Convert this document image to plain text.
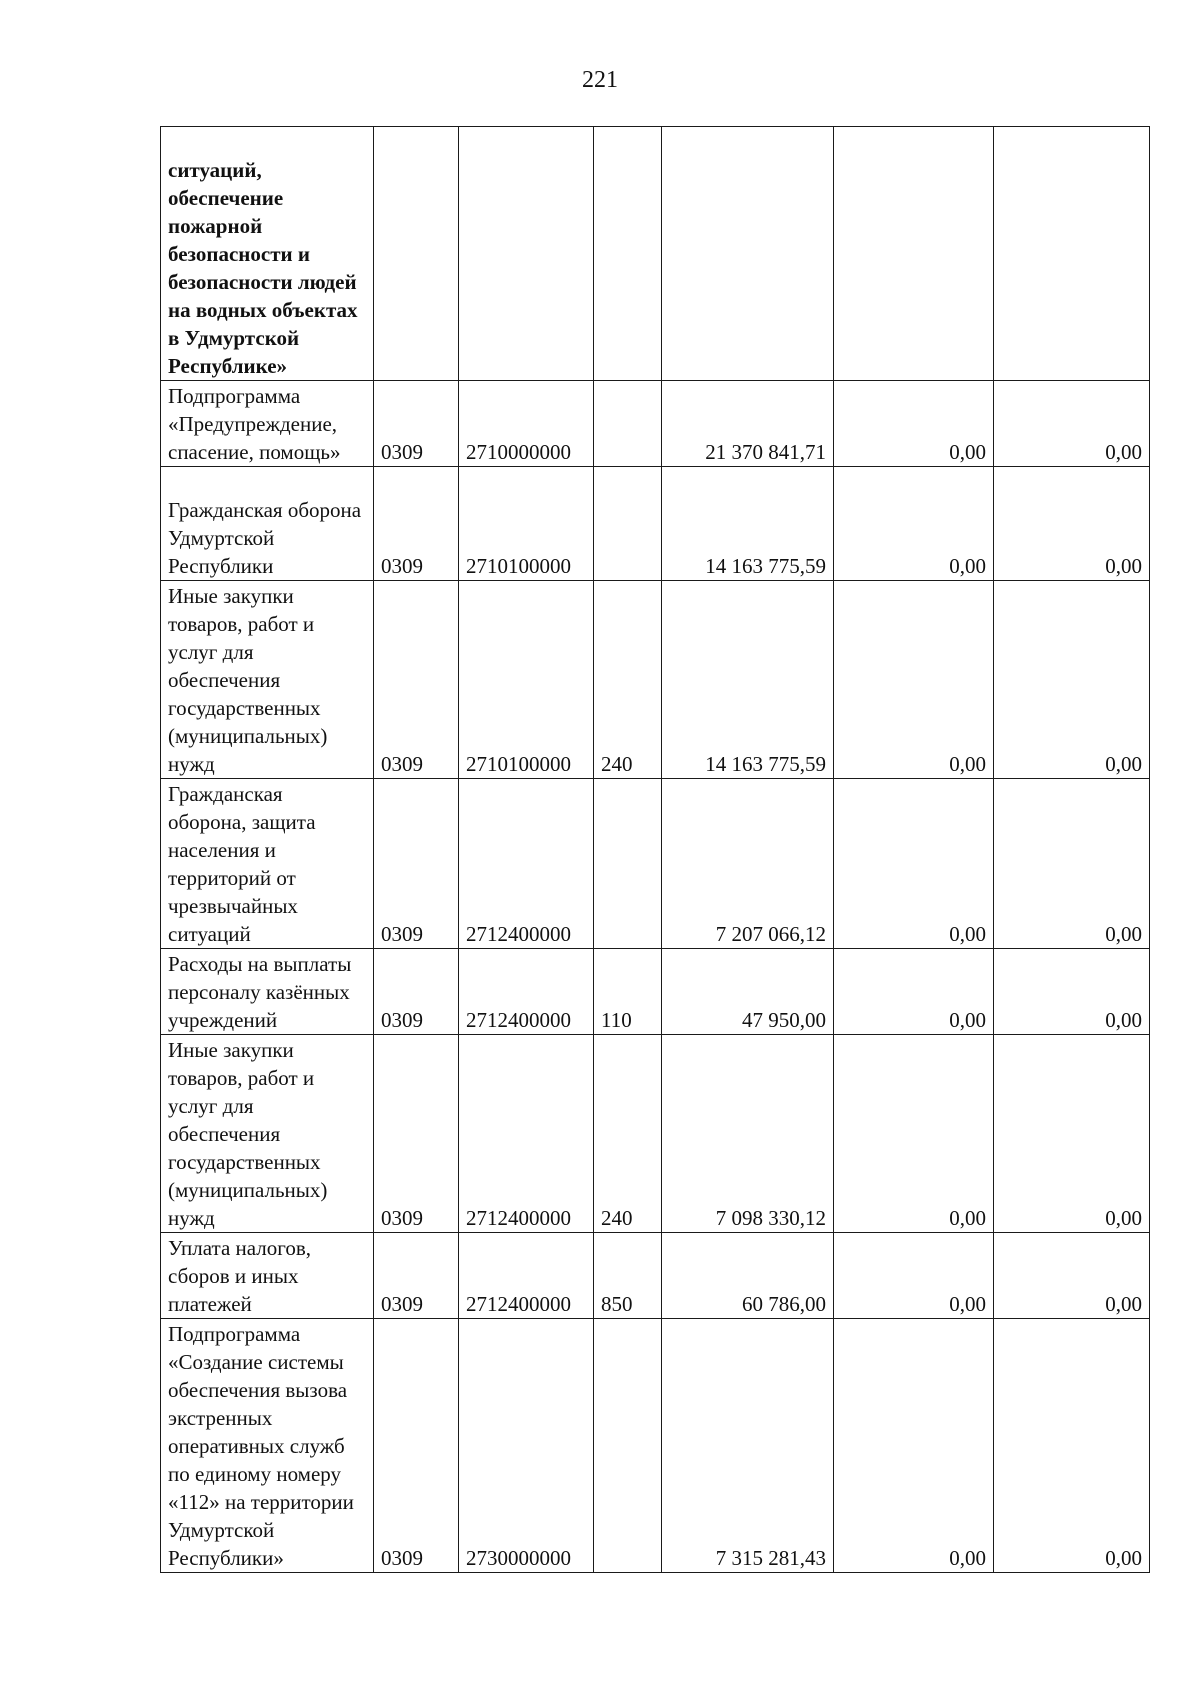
221
ситуаций, обеспечение пожарной безопасности и безопасности людей на водных объектах в Удмуртской Республике»						
Подпрограмма «Предупреждение, спасение, помощь»	0309	2710000000		21 370 841,71	0,00	0,00
Гражданская оборона Удмуртской Республики	0309	2710100000		14 163 775,59	0,00	0,00
Иные закупки товаров, работ и услуг для обеспечения государственных (муниципальных) нужд	0309	2710100000	240	14 163 775,59	0,00	0,00
Гражданская оборона, защита населения и территорий от чрезвычайных ситуаций	0309	2712400000		7 207 066,12	0,00	0,00
Расходы на выплаты персоналу казённых учреждений	0309	2712400000	110	47 950,00	0,00	0,00
Иные закупки товаров, работ и услуг для обеспечения государственных (муниципальных) нужд	0309	2712400000	240	7 098 330,12	0,00	0,00
Уплата налогов, сборов и иных платежей	0309	2712400000	850	60 786,00	0,00	0,00
Подпрограмма «Создание системы обеспечения вызова экстренных оперативных служб по единому номеру «112» на территории Удмуртской Республики»	0309	2730000000		7 315 281,43	0,00	0,00
